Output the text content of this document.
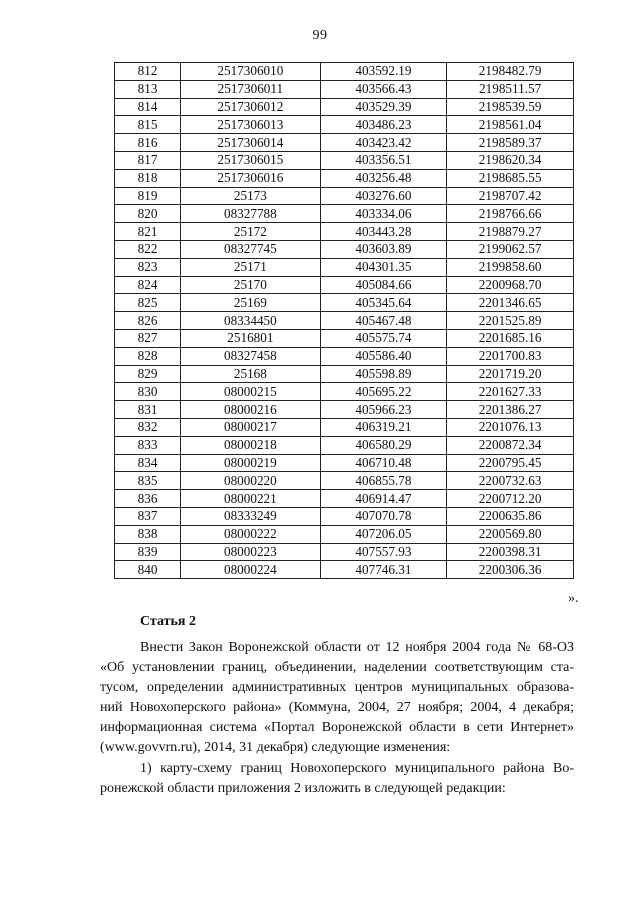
99
812	2517306010	403592.19	2198482.79
813	2517306011	403566.43	2198511.57
814	2517306012	403529.39	2198539.59
815	2517306013	403486.23	2198561.04
816	2517306014	403423.42	2198589.37
817	2517306015	403356.51	2198620.34
818	2517306016	403256.48	2198685.55
819	25173	403276.60	2198707.42
820	08327788	403334.06	2198766.66
821	25172	403443.28	2198879.27
822	08327745	403603.89	2199062.57
823	25171	404301.35	2199858.60
824	25170	405084.66	2200968.70
825	25169	405345.64	2201346.65
826	08334450	405467.48	2201525.89
827	2516801	405575.74	2201685.16
828	08327458	405586.40	2201700.83
829	25168	405598.89	2201719.20
830	08000215	405695.22	2201627.33
831	08000216	405966.23	2201386.27
832	08000217	406319.21	2201076.13
833	08000218	406580.29	2200872.34
834	08000219	406710.48	2200795.45
835	08000220	406855.78	2200732.63
836	08000221	406914.47	2200712.20
837	08333249	407070.78	2200635.86
838	08000222	407206.05	2200569.80
839	08000223	407557.93	2200398.31
840	08000224	407746.31	2200306.36
».
Статья 2
Внести Закон Воронежской области от 12 ноября 2004 года № 68-ОЗ
«Об установлении границ, объединении, наделении соответствующим ста-
тусом, определении административных центров муниципальных образова-
ний Новохоперского района» (Коммуна, 2004, 27 ноября; 2004, 4 декабря;
информационная система «Портал Воронежской области в сети Интернет»
(www.govvrn.ru), 2014, 31 декабря) следующие изменения:
1) карту-схему границ Новохоперского муниципального района Во-
ронежской области приложения 2 изложить в следующей редакции:
